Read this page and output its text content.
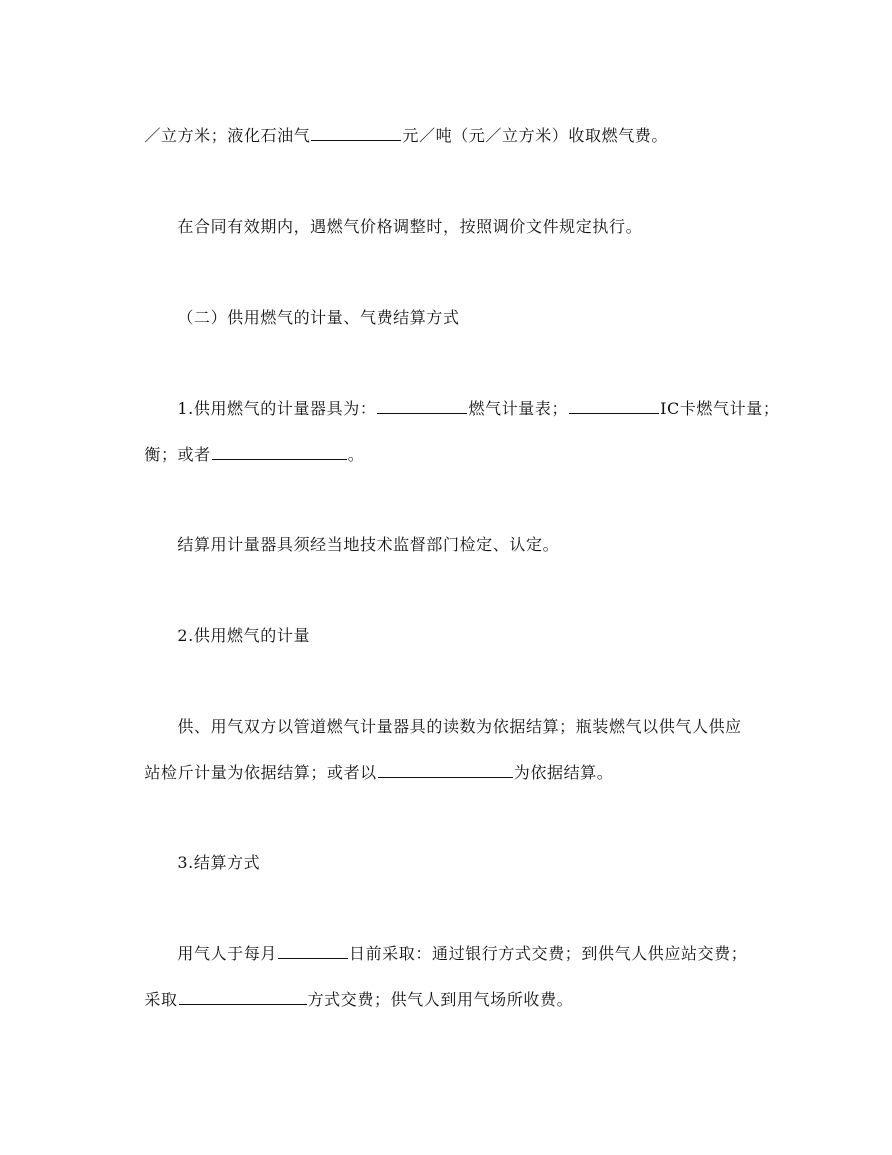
／立方米；液化石油气	元／吨（元／立方米）收取燃气费。

在合同有效期内，遇燃气价格调整时，按照调价文件规定执行。

（二）供用燃气的计量、气费结算方式

1.供用燃气的计量器具为：	燃气计量表；	IC卡燃气计量；

衡；或者	。

结算用计量器具须经当地技术监督部门检定、认定。

2.供用燃气的计量

供、用气双方以管道燃气计量器具的读数为依据结算；瓶装燃气以供气人供应

站检斤计量为依据结算；或者以	为依据结算。

3.结算方式

用气人于每月	日前采取：通过银行方式交费；到供气人供应站交费；

采取	方式交费；供气人到用气场所收费。
